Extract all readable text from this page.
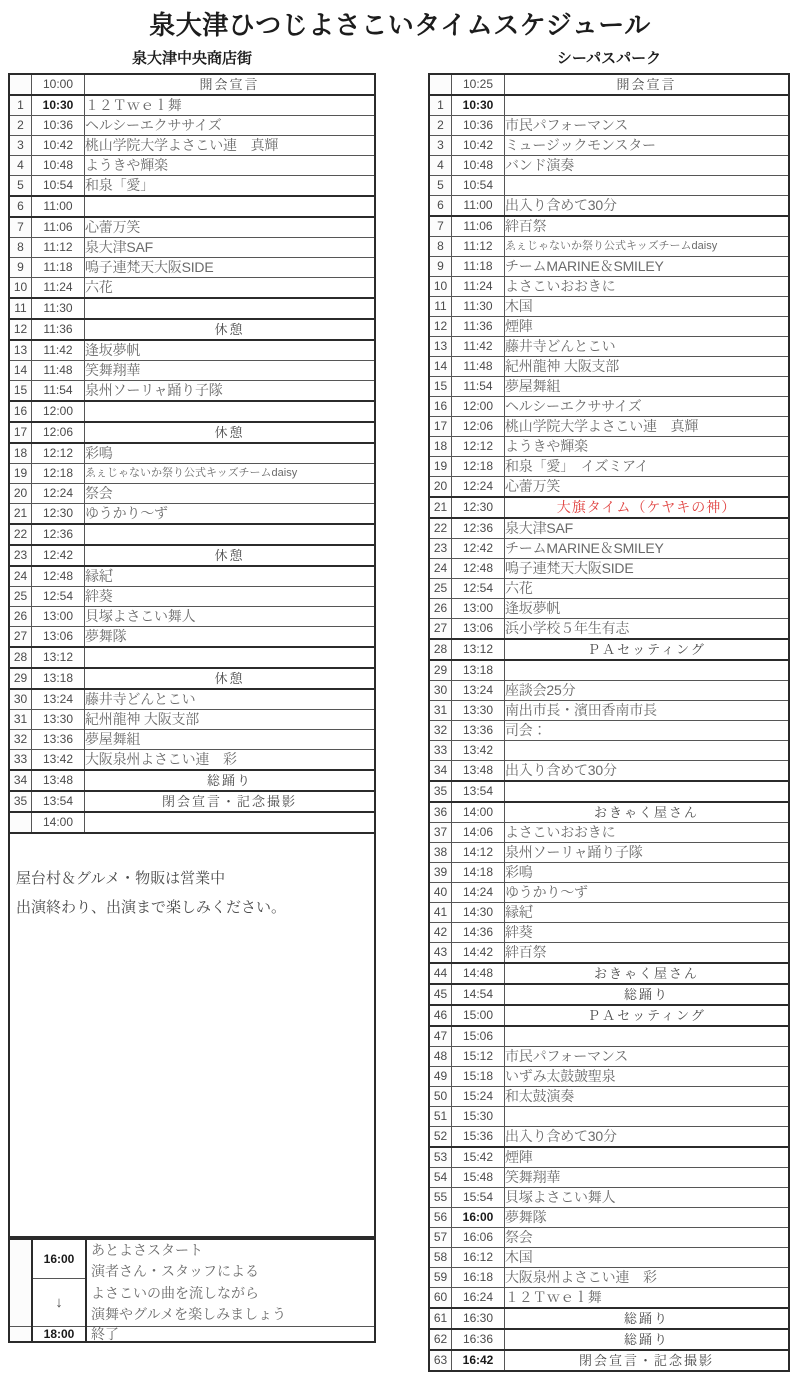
泉大津ひつじよさこいタイムスケジュール
泉大津中央商店街
	10:00	開会宣言
1	10:30	１２Ｔｗｅｌ舞
2	10:36	ヘルシーエクササイズ
3	10:42	桃山学院大学よさこい連　真輝
4	10:48	ようきや輝楽
5	10:54	和泉「愛」
6	11:00	
7	11:06	心蕾万笑
8	11:12	泉大津SAF
9	11:18	鳴子連梵天大阪SIDE
10	11:24	六花
11	11:30	
12	11:36	休憩
13	11:42	逢坂夢帆
14	11:48	笑舞翔華
15	11:54	泉州ソーリャ踊り子隊
16	12:00	
17	12:06	休憩
18	12:12	彩鳴
19	12:18	ゑぇじゃないか祭り公式キッズチームdaisy
20	12:24	祭会
21	12:30	ゆうかり～ず
22	12:36	
23	12:42	休憩
24	12:48	縁紀゙
25	12:54	絆葵
26	13:00	貝塚よさこい舞人
27	13:06	夢舞隊
28	13:12	
29	13:18	休憩
30	13:24	藤井寺どんとこい
31	13:30	紀州龍神 大阪支部
32	13:36	夢屋舞組
33	13:42	大阪泉州よさこい連　彩
34	13:48	総踊り
35	13:54	閉会宣言・記念撮影
	14:00	
屋台村＆グルメ・物販は営業中
出演終わり、出演まで楽しみください。
	16:00	あとよさスタート
演者さん・スタッフによる
よさこいの曲を流しながら
演舞やグルメを楽しみましょう

	↓	
	18:00	終了
シーパスパーク
	10:25	開会宣言
1	10:30	
2	10:36	市民パフォーマンス
3	10:42	ミュージックモンスター
4	10:48	バンド演奏
5	10:54	
6	11:00	出入り含めて30分
7	11:06	絆百祭
8	11:12	ゑぇじゃないか祭り公式キッズチームdaisy
9	11:18	チームMARINE＆SMILEY
10	11:24	よさこいおおきに
11	11:30	木国
12	11:36	煙陣
13	11:42	藤井寺どんとこい
14	11:48	紀州龍神 大阪支部
15	11:54	夢屋舞組
16	12:00	ヘルシーエクササイズ
17	12:06	桃山学院大学よさこい連　真輝
18	12:12	ようきや輝楽
19	12:18	和泉「愛」　イズミアイ
20	12:24	心蕾万笑
21	12:30	大旗タイム（ケヤキの神）
22	12:36	泉大津SAF
23	12:42	チームMARINE＆SMILEY
24	12:48	鳴子連梵天大阪SIDE
25	12:54	六花
26	13:00	逢坂夢帆
27	13:06	浜小学校５年生有志
28	13:12	ＰＡセッティング
29	13:18	
30	13:24	座談会25分
31	13:30	南出市長・濱田香南市長
32	13:36	司会：
33	13:42	
34	13:48	出入り含めて30分
35	13:54	
36	14:00	おきゃく屋さん
37	14:06	よさこいおおきに
38	14:12	泉州ソーリャ踊り子隊
39	14:18	彩鳴
40	14:24	ゆうかり～ず
41	14:30	縁紀゙
42	14:36	絆葵
43	14:42	絆百祭
44	14:48	おきゃく屋さん
45	14:54	総踊り
46	15:00	ＰＡセッティング
47	15:06	
48	15:12	市民パフォーマンス
49	15:18	いずみ太鼓皷聖泉
50	15:24	和太鼓演奏
51	15:30	
52	15:36	出入り含めて30分
53	15:42	煙陣
54	15:48	笑舞翔華
55	15:54	貝塚よさこい舞人
56	16:00	夢舞隊
57	16:06	祭会
58	16:12	木国
59	16:18	大阪泉州よさこい連　彩
60	16:24	１２Ｔｗｅｌ舞
61	16:30	総踊り
62	16:36	総踊り
63	16:42	閉会宣言・記念撮影
